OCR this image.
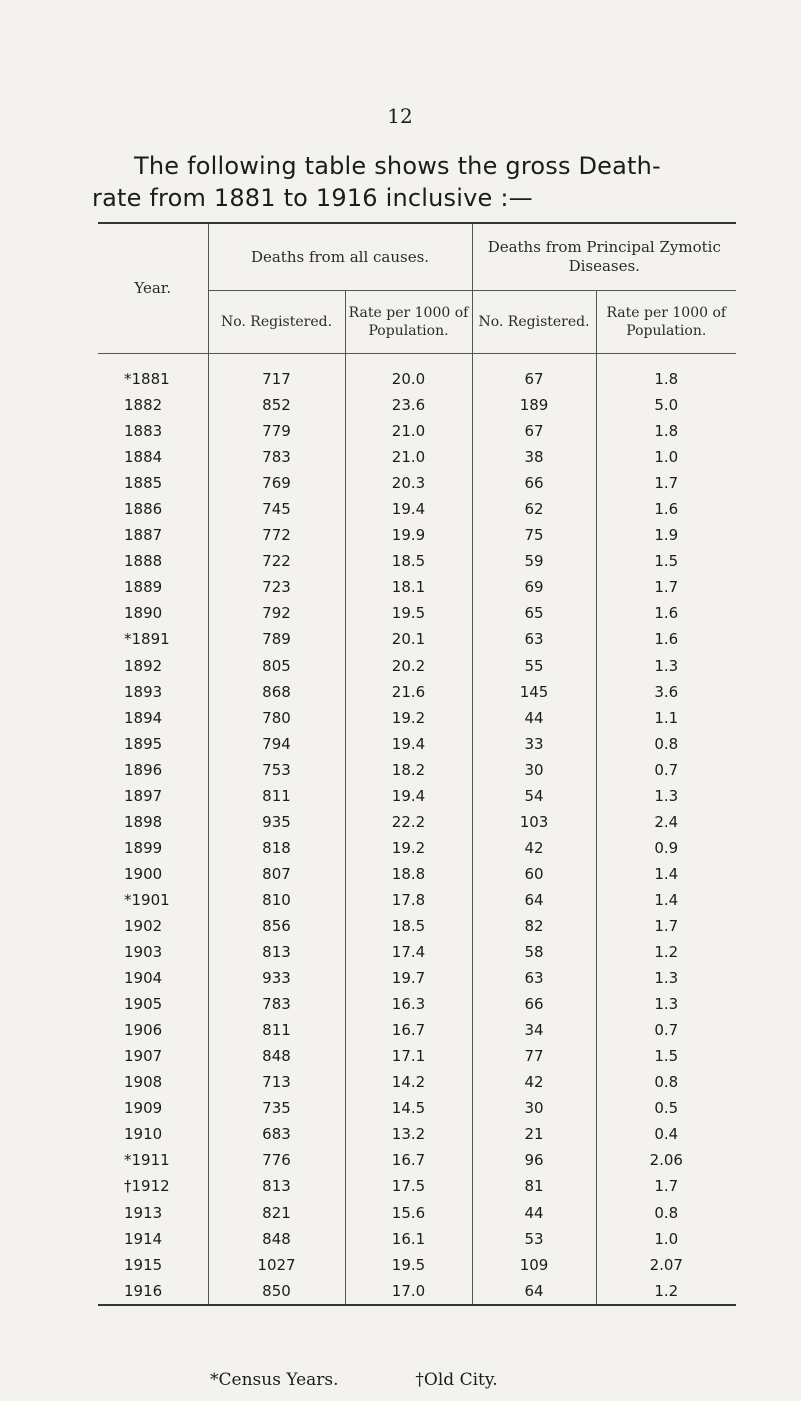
12
The following table shows the gross Death-
rate from 1881 to 1916 inclusive :—
Year.	Deaths from all causes.		Deaths from Principal Zymotic Diseases.	
	No. Registered.	Rate per 1000 of Population.	No. Registered.	Rate per 1000 of Population.
*1881	717	20.0	67	1.8
1882	852	23.6	189	5.0
1883	779	21.0	67	1.8
1884	783	21.0	38	1.0
1885	769	20.3	66	1.7
1886	745	19.4	62	1.6
1887	772	19.9	75	1.9
1888	722	18.5	59	1.5
1889	723	18.1	69	1.7
1890	792	19.5	65	1.6
*1891	789	20.1	63	1.6
1892	805	20.2	55	1.3
1893	868	21.6	145	3.6
1894	780	19.2	44	1.1
1895	794	19.4	33	0.8
1896	753	18.2	30	0.7
1897	811	19.4	54	1.3
1898	935	22.2	103	2.4
1899	818	19.2	42	0.9
1900	807	18.8	60	1.4
*1901	810	17.8	64	1.4
1902	856	18.5	82	1.7
1903	813	17.4	58	1.2
1904	933	19.7	63	1.3
1905	783	16.3	66	1.3
1906	811	16.7	34	0.7
1907	848	17.1	77	1.5
1908	713	14.2	42	0.8
1909	735	14.5	30	0.5
1910	683	13.2	21	0.4
*1911	776	16.7	96	2.06
†1912	813	17.5	81	1.7
1913	821	15.6	44	0.8
1914	848	16.1	53	1.0
1915	1027	19.5	109	2.07
1916	850	17.0	64	1.2
*Census Years.	†Old City.
